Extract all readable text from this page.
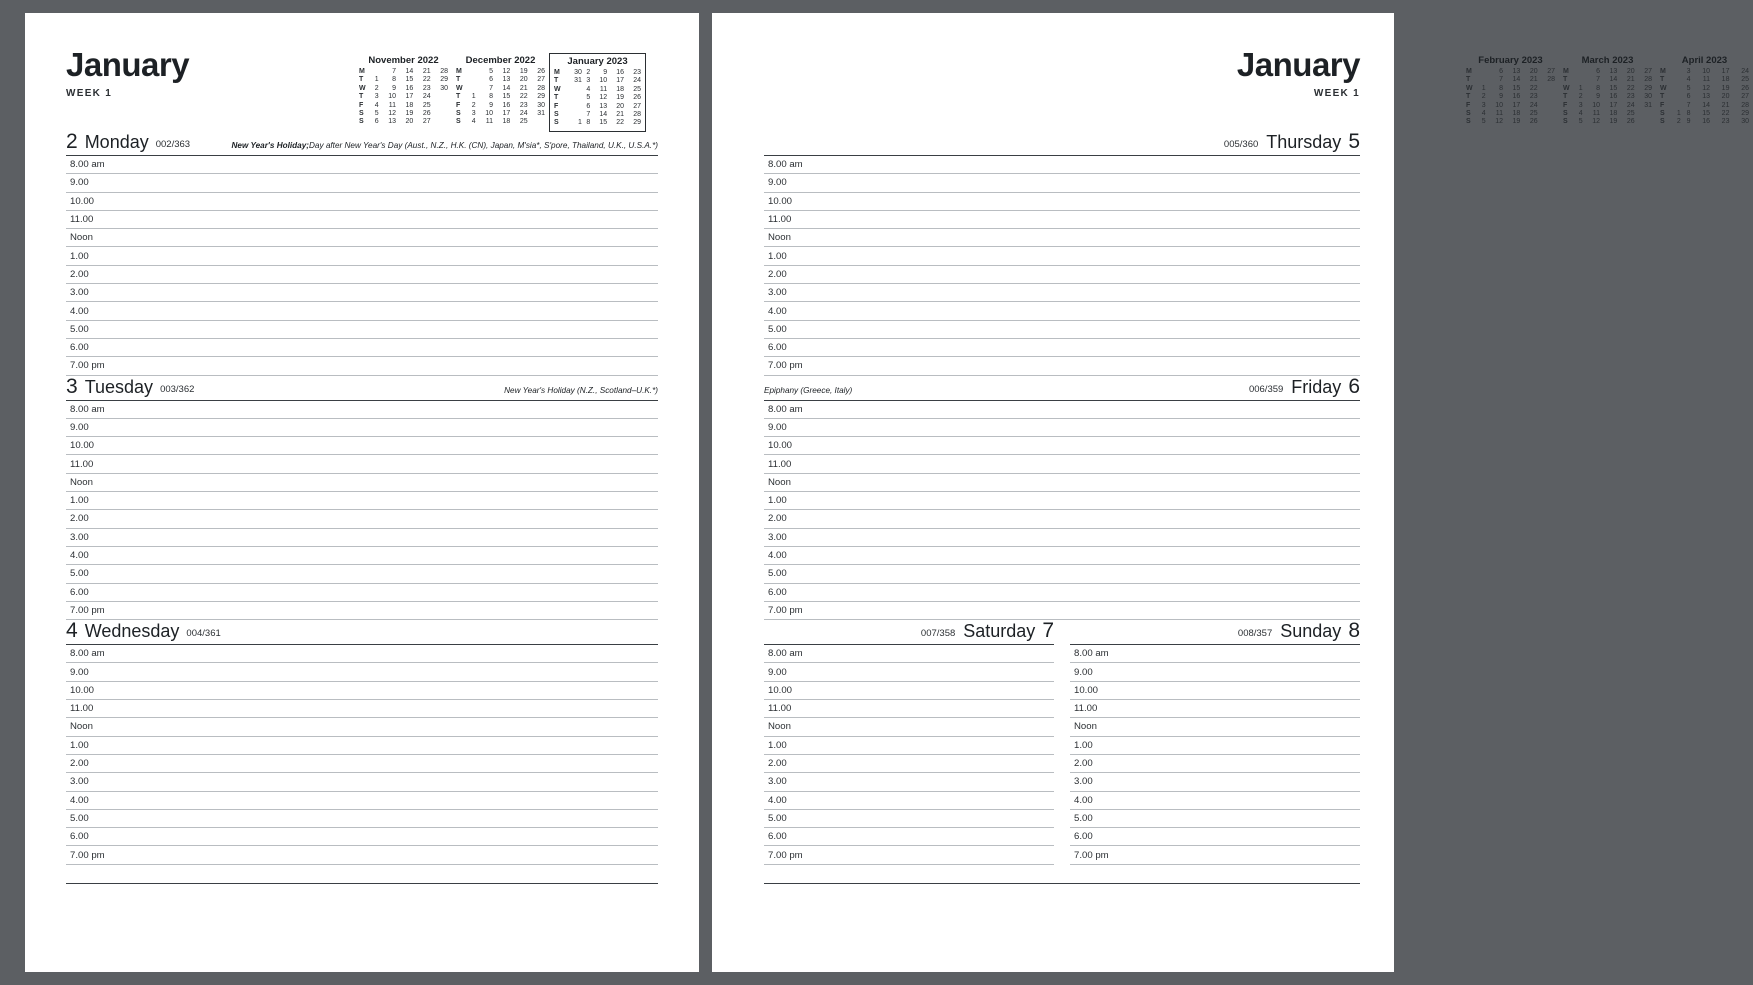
January
WEEK 1
November 2022
M		7	14	21	28
T	1	8	15	22	29
W	2	9	16	23	30
T	3	10	17	24	
F	4	11	18	25	
S	5	12	19	26	
S	6	13	20	27	
December 2022
M		5	12	19	26
T		6	13	20	27
W		7	14	21	28
T	1	8	15	22	29
F	2	9	16	23	30
S	3	10	17	24	31
S	4	11	18	25	
January 2023
M	30	2	9	16	23
T	31	3	10	17	24
W		4	11	18	25
T		5	12	19	26
F		6	13	20	27
S		7	14	21	28
S	1	8	15	22	29
2 Monday 002/363	New Year's Holiday;Day after New Year's Day (Aust., N.Z., H.K. (CN), Japan, M'sia*, S'pore, Thailand, U.K., U.S.A.*)
8.00 am
9.00
10.00
11.00
Noon
1.00
2.00
3.00
4.00
5.00
6.00
7.00 pm
3 Tuesday 003/362	New Year's Holiday (N.Z., Scotland–U.K.*)
8.00 am
9.00
10.00
11.00
Noon
1.00
2.00
3.00
4.00
5.00
6.00
7.00 pm
4 Wednesday 004/361
8.00 am
9.00
10.00
11.00
Noon
1.00
2.00
3.00
4.00
5.00
6.00
7.00 pm
January
WEEK 1
February 2023
M		6	13	20	27
T		7	14	21	28
W	1	8	15	22	
T	2	9	16	23	
F	3	10	17	24	
S	4	11	18	25	
S	5	12	19	26	
March 2023
M		6	13	20	27
T		7	14	21	28
W	1	8	15	22	29
T	2	9	16	23	30
F	3	10	17	24	31
S	4	11	18	25	
S	5	12	19	26	
April 2023
M		3	10	17	24
T		4	11	18	25
W		5	12	19	26
T		6	13	20	27
F		7	14	21	28
S	1	8	15	22	29
S	2	9	16	23	30
005/360 Thursday 5
8.00 am
9.00
10.00
11.00
Noon
1.00
2.00
3.00
4.00
5.00
6.00
7.00 pm
Epiphany (Greece, Italy)	006/359 Friday 6
8.00 am
9.00
10.00
11.00
Noon
1.00
2.00
3.00
4.00
5.00
6.00
7.00 pm
007/358 Saturday 7
8.00 am
9.00
10.00
11.00
Noon
1.00
2.00
3.00
4.00
5.00
6.00
7.00 pm
008/357 Sunday 8
8.00 am
9.00
10.00
11.00
Noon
1.00
2.00
3.00
4.00
5.00
6.00
7.00 pm
